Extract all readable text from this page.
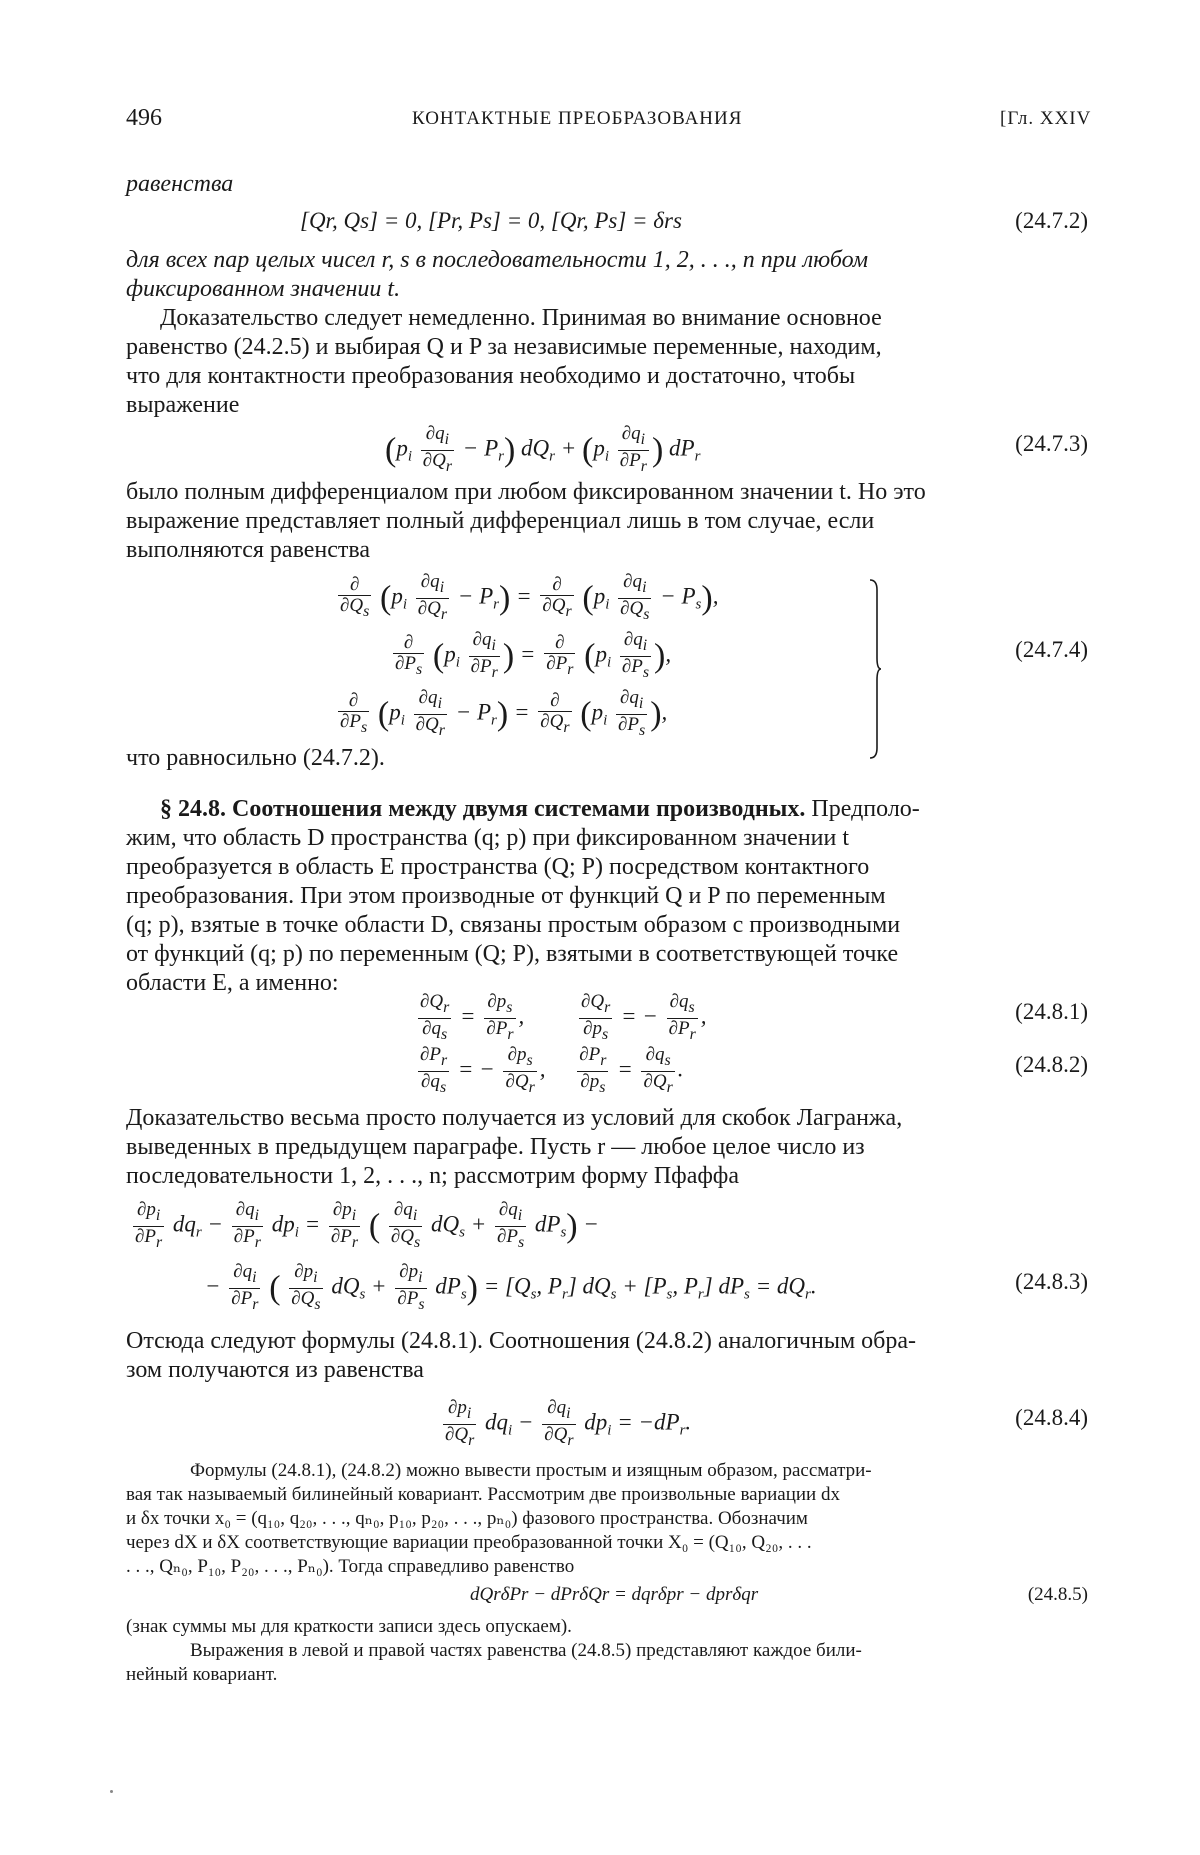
496	КОНТАКТНЫЕ ПРЕОБРАЗОВАНИЯ	[Гл. XXIV
равенства
[Qr, Qs] = 0, [Pr, Ps] = 0, [Qr, Ps] = δrs	(24.7.2)
для всех пар целых чисел r, s в последовательности 1, 2, . . ., n при любом
фиксированном значении t.
Доказательство следует немедленно. Принимая во внимание основное
равенство (24.2.5) и выбирая Q и P за независимые переменные, находим,
что для контактности преобразования необходимо и достаточно, чтобы
выражение
$(p_i \frac{\partial q_i}{\partial Q_r} - P_r) dQ_r + (p_i \frac{\partial q_i}{\partial P_r}$ ) $dP_r$
(24.7.3)
было полным дифференциалом при любом фиксированном значении t. Но это
выражение представляет полный дифференциал лишь в том случае, если
выполняются равенства
$\frac{\partial}{\partial Q_s} (p_i \frac{\partial q_i}{\partial Q_r} - P_r) = \frac{\partial}{\partial Q_r} (p_i \frac{\partial q_i}{\partial Q_s} - P_s)$,
$\frac{\partial}{\partial P_s} (p_i \frac{\partial q_i}{\partial P_r}$ ) = $\frac{\partial}{\partial P_r} (p_i \frac{\partial q_i}{\partial P_s}$ ),	(24.7.4)
$\frac{\partial}{\partial P_s} (p_i \frac{\partial q_i}{\partial Q_r} - P_r) = \frac{\partial}{\partial Q_r} (p_i \frac{\partial q_i}{\partial P_s}$ ),
что равносильно (24.7.2).
§ 24.8. Соотношения между двумя системами производных. Предполо-
жим, что область D пространства (q; p) при фиксированном значении t
преобразуется в область E пространства (Q; P) посредством контактного
преобразования. При этом производные от функций Q и P по переменным
(q; p), взятые в точке области D, связаны простым образом с производными
от функций (q; p) по переменным (Q; P), взятыми в соответствующей точке
области E, а именно:
$\frac{\partial Q_r}{\partial q_s} = \frac{\partial p_s}{\partial P_r}$ , $\frac{\partial Q_r}{\partial p_s}$ = − $\frac{\partial q_s}{\partial P_r}$ ,	(24.8.1)
$\frac{\partial P_r}{\partial q_s}$ = − $\frac{\partial p_s}{\partial Q_r}$ , $\frac{\partial P_r}{\partial p_s} = \frac{\partial q_s}{\partial Q_r}$ .	(24.8.2)
Доказательство весьма просто получается из условий для скобок Лагранжа,
выведенных в предыдущем параграфе. Пусть r — любое целое число из
последовательности 1, 2, . . ., n; рассмотрим форму Пфаффа
$\frac{\partial p_i}{\partial P_r} dq_r - \frac{\partial q_i}{\partial P_r} dp_i = \frac{\partial p_i}{\partial P_r}$ ( $\frac{\partial q_i}{\partial Q_s} dQ_s + \frac{\partial q_i}{\partial P_s} dP_s$) −
− $\frac{\partial q_i}{\partial P_r}$ ( $\frac{\partial p_i}{\partial Q_s} dQ_s + \frac{\partial p_i}{\partial P_s} dP_s) = [Q_s$, $P_r$] $dQ_s + [P_s$, $P_r$] $dP_s = dQ_r$.	(24.8.3)
Отсюда следуют формулы (24.8.1). Соотношения (24.8.2) аналогичным обра-
зом получаются из равенства
$\frac{\partial p_i}{\partial Q_r} dq_i - \frac{\partial q_i}{\partial Q_r} dp_i = -dP_r$.	(24.8.4)
Формулы (24.8.1), (24.8.2) можно вывести простым и изящным образом, рассматри-
вая так называемый билинейный ковариант. Рассмотрим две произвольные вариации dx
и δx точки x₀ = (q₁₀, q₂₀, . . ., qₙ₀, p₁₀, p₂₀, . . ., pₙ₀) фазового пространства. Обозначим
через dX и δX соответствующие вариации преобразованной точки X₀ = (Q₁₀, Q₂₀, . . .
. . ., Qₙ₀, P₁₀, P₂₀, . . ., Pₙ₀). Тогда справедливо равенство
dQrδPr − dPrδQr = dqrδpr − dprδqr	(24.8.5)
(знак суммы мы для краткости записи здесь опускаем).
Выражения в левой и правой частях равенства (24.8.5) представляют каждое били-
нейный ковариант.
